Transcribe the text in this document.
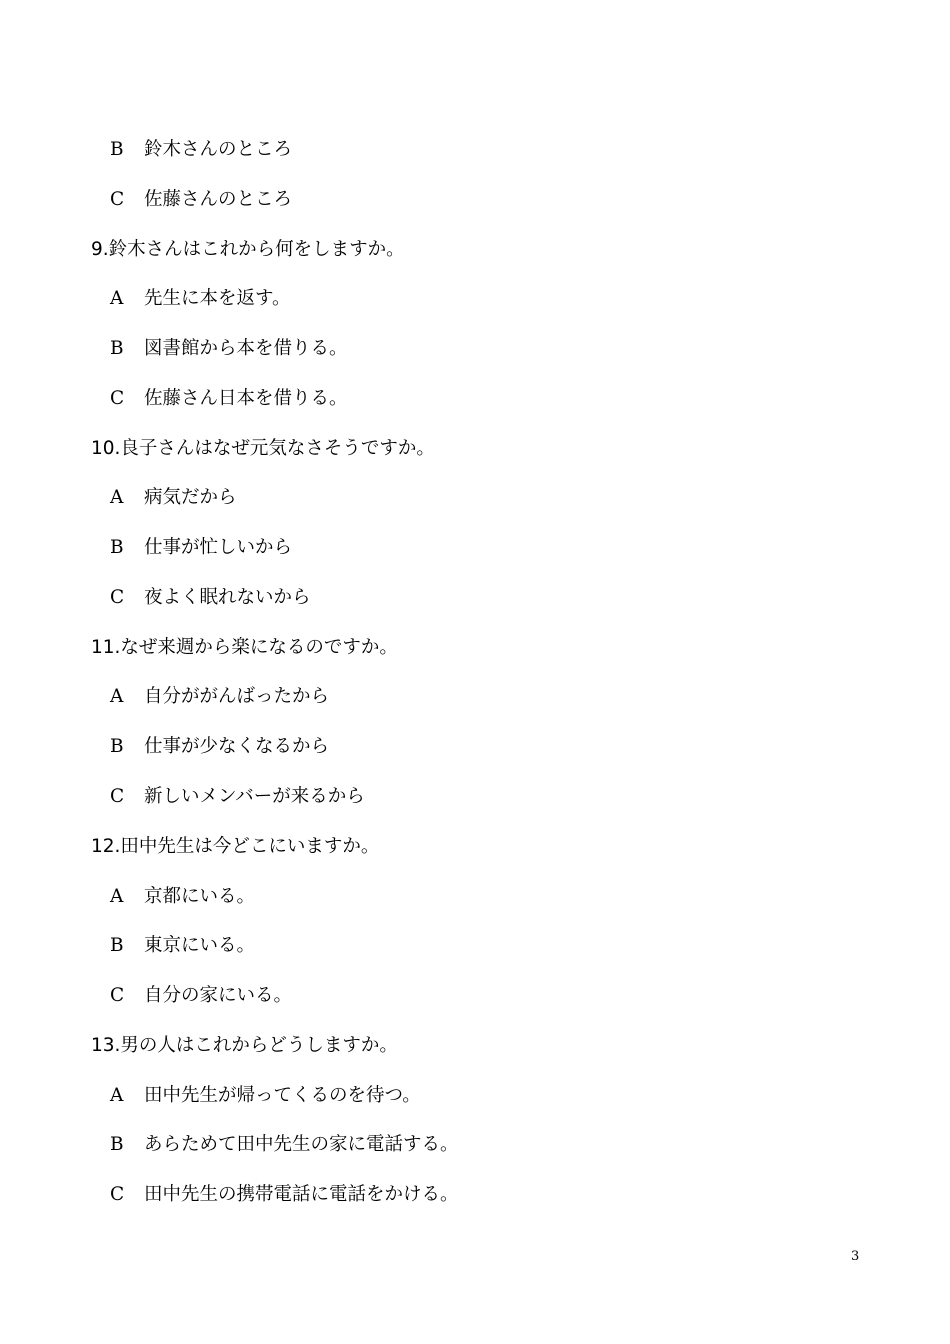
B 鈴木さんのところ
C 佐藤さんのところ
9.鈴木さんはこれから何をしますか。
A 先生に本を返す。
B 図書館から本を借りる。
C 佐藤さん日本を借りる。
10.良子さんはなぜ元気なさそうですか。
A 病気だから
B 仕事が忙しいから
C 夜よく眠れないから
11.なぜ来週から楽になるのですか。
A 自分ががんばったから
B 仕事が少なくなるから
C 新しいメンバーが来るから
12.田中先生は今どこにいますか。
A 京都にいる。
B 東京にいる。
C 自分の家にいる。
13.男の人はこれからどうしますか。
A 田中先生が帰ってくるのを待つ。
B あらためて田中先生の家に電話する。
C 田中先生の携帯電話に電話をかける。
3
